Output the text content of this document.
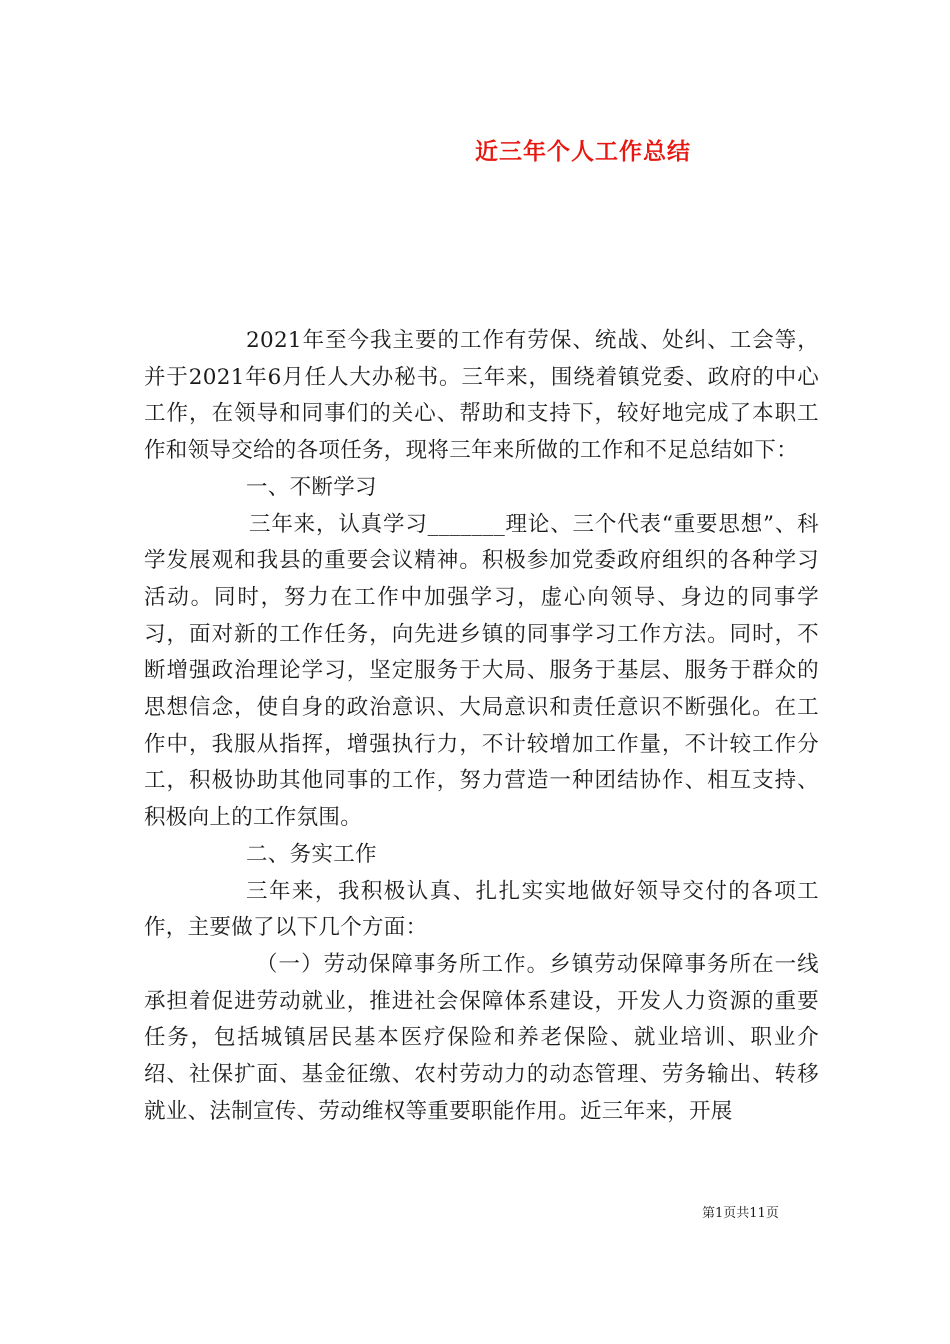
近三年个人工作总结

2021年至今我主要的工作有劳保、统战、处纠、工会等，并于2021年6月任人大办秘书。三年来，围绕着镇党委、政府的中心工作，在领导和同事们的关心、帮助和支持下，较好地完成了本职工作和领导交给的各项任务，现将三年来所做的工作和不足总结如下：

一、不断学习

三年来，认真学习_______理论、三个代表“重要思想”、科学发展观和我县的重要会议精神。积极参加党委政府组织的各种学习活动。同时，努力在工作中加强学习，虚心向领导、身边的同事学习，面对新的工作任务，向先进乡镇的同事学习工作方法。同时，不断增强政治理论学习，坚定服务于大局、服务于基层、服务于群众的思想信念，使自身的政治意识、大局意识和责任意识不断强化。在工作中，我服从指挥，增强执行力，不计较增加工作量，不计较工作分工，积极协助其他同事的工作，努力营造一种团结协作、相互支持、积极向上的工作氛围。

二、务实工作

三年来，我积极认真、扎扎实实地做好领导交付的各项工作，主要做了以下几个方面：

（一）劳动保障事务所工作。乡镇劳动保障事务所在一线承担着促进劳动就业，推进社会保障体系建设，开发人力资源的重要任务，包括城镇居民基本医疗保险和养老保险、就业培训、职业介绍、社保扩面、基金征缴、农村劳动力的动态管理、劳务输出、转移就业、法制宣传、劳动维权等重要职能作用。近三年来，开展

第1页共11页
